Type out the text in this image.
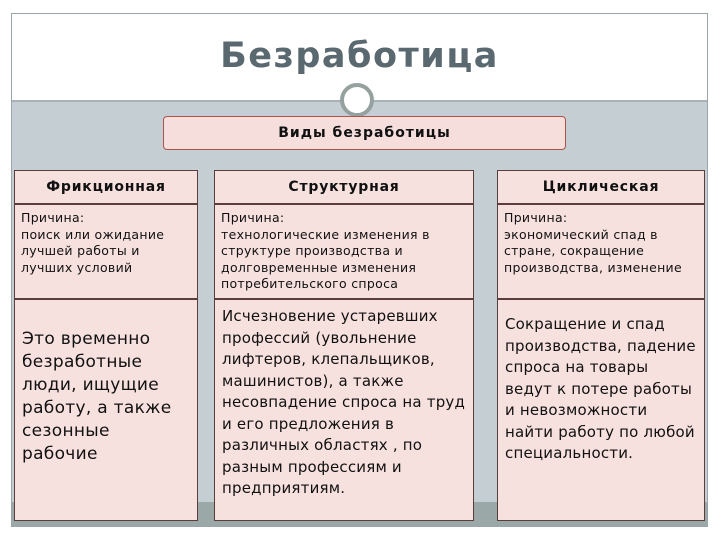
Безработица
Виды безработицы
Фрикционная
Причина:
поиск или ожидание лучшей работы и лучших условий
Это временно безработные люди, ищущие работу, а также сезонные рабочие
Структурная
Причина:
технологические изменения в структуре производства и долговременные изменения потребительского спроса
Исчезновение устаревших профессий (увольнение лифтеров, клепальщиков, машинистов), а также несовпадение спроса на труд и его предложения в различных областях , по разным профессиям и предприятиям.
Циклическая
Причина:
экономический спад в стране, сокращение производства, изменение
Сокращение и спад производства, падение спроса на товары ведут к потере работы и невозможности найти работу по любой специальности.
